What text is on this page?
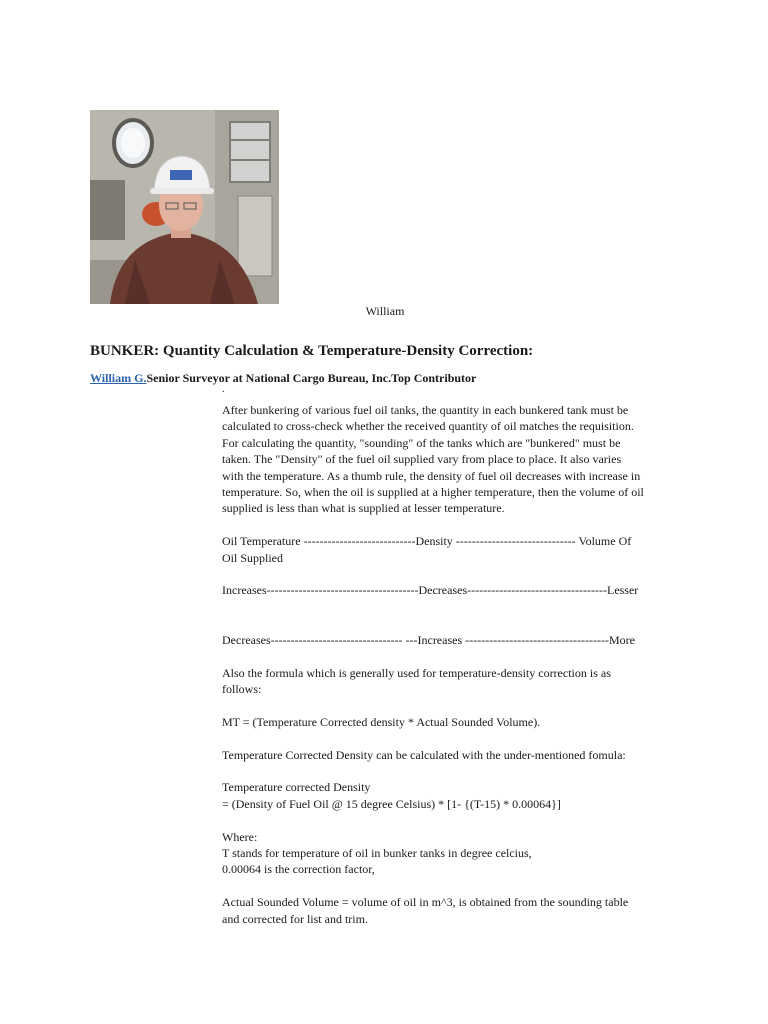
William
BUNKER: Quantity Calculation & Temperature-Density Correction:
William G.Senior Surveyor at National Cargo Bureau, Inc.Top Contributor
.

After bunkering of various fuel oil tanks, the quantity in each bunkered tank must be

calculated to cross-check whether the received quantity of oil matches the requisition.

For calculating the quantity, "sounding" of the tanks which are "bunkered" must be

taken. The "Density" of the fuel oil supplied vary from place to place. It also varies

with the temperature. As a thumb rule, the density of fuel oil decreases with increase in

temperature. So, when the oil is supplied at a higher temperature, then the volume of oil

supplied is less than what is supplied at lesser temperature.

Oil Temperature ----------------------------Density ------------------------------ Volume Of

Oil Supplied

Increases--------------------------------------Decreases-----------------------------------Lesser

Decreases--------------------------------- ---Increases ------------------------------------More

Also the formula which is generally used for temperature-density correction is as

follows:

MT = (Temperature Corrected density * Actual Sounded Volume).

Temperature Corrected Density can be calculated with the under-mentioned fomula:

Temperature corrected Density

= (Density of Fuel Oil @ 15 degree Celsius) * [1- {(T-15) * 0.00064}]

Where:

T stands for temperature of oil in bunker tanks in degree celcius,

0.00064 is the correction factor,

Actual Sounded Volume = volume of oil in m^3, is obtained from the sounding table

and corrected for list and trim.
